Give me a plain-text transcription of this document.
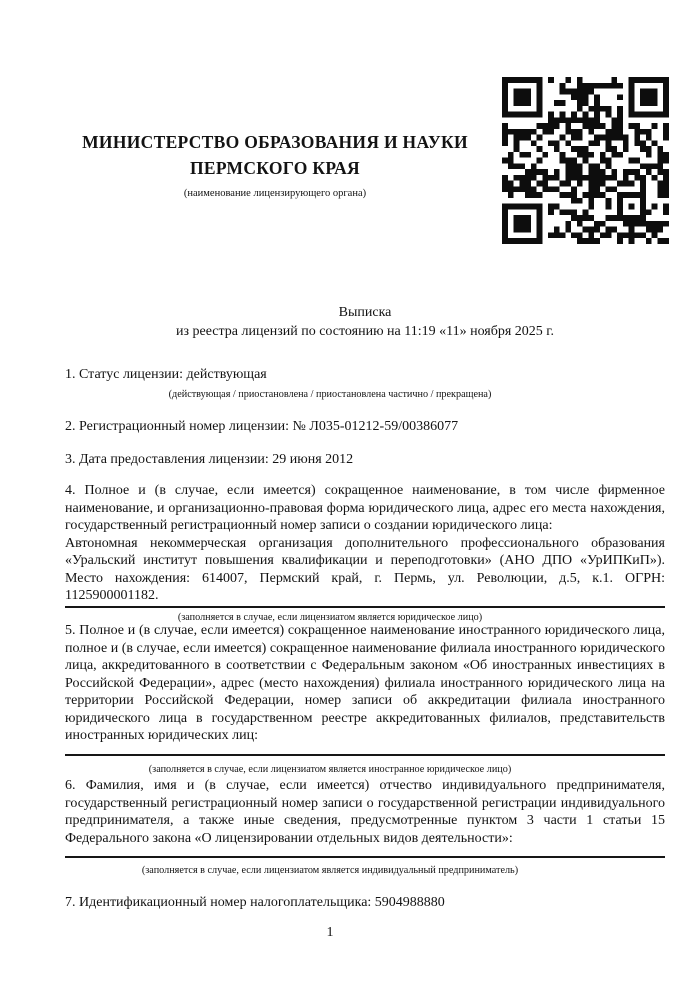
МИНИСТЕРСТВО ОБРАЗОВАНИЯ И НАУКИ
ПЕРМСКОГО КРАЯ
(наименование лицензирующего органа)
Выписка
из реестра лицензий по состоянию на 11:19 «11» ноября 2025 г.
1. Статус лицензии: действующая
(действующая / приостановлена / приостановлена частично / прекращена)
2. Регистрационный номер лицензии: № Л035-01212-59/00386077
3. Дата предоставления лицензии: 29 июня 2012

4. Полное и (в случае, если имеется) сокращенное наименование, в том числе фирменное наименование, и организационно-правовая форма юридического лица, адрес его места нахождения, государственный регистрационный номер записи о создании юридического лица:

Автономная некоммерческая организация дополнительного профессионального образования «Уральский институт повышения квалификации и переподготовки» (АНО ДПО «УрИПКиП»). Место нахождения: 614007, Пермский край, г. Пермь, ул. Революции, д.5, к.1. ОГРН: 1125900001182.

(заполняется в случае, если лицензиатом является юридическое лицо)

5. Полное и (в случае, если имеется) сокращенное наименование иностранного юридического лица, полное и (в случае, если имеется) сокращенное наименование филиала иностранного юридического лица, аккредитованного в соответствии с Федеральным законом «Об иностранных инвестициях в Российской Федерации», адрес (место нахождения) филиала иностранного юридического лица на территории Российской Федерации, номер записи об аккредитации филиала иностранного юридического лица в государственном реестре аккредитованных филиалов, представительств иностранных юридических лиц:

(заполняется в случае, если лицензиатом является иностранное юридическое лицо)

6. Фамилия, имя и (в случае, если имеется) отчество индивидуального предпринимателя, государственный регистрационный номер записи о государственной регистрации индивидуального предпринимателя, а также иные сведения, предусмотренные пунктом 3 части 1 статьи 15 Федерального закона «О лицензировании отдельных видов деятельности»:

(заполняется в случае, если лицензиатом является индивидуальный предприниматель)
7. Идентификационный номер налогоплательщика: 5904988880
1
